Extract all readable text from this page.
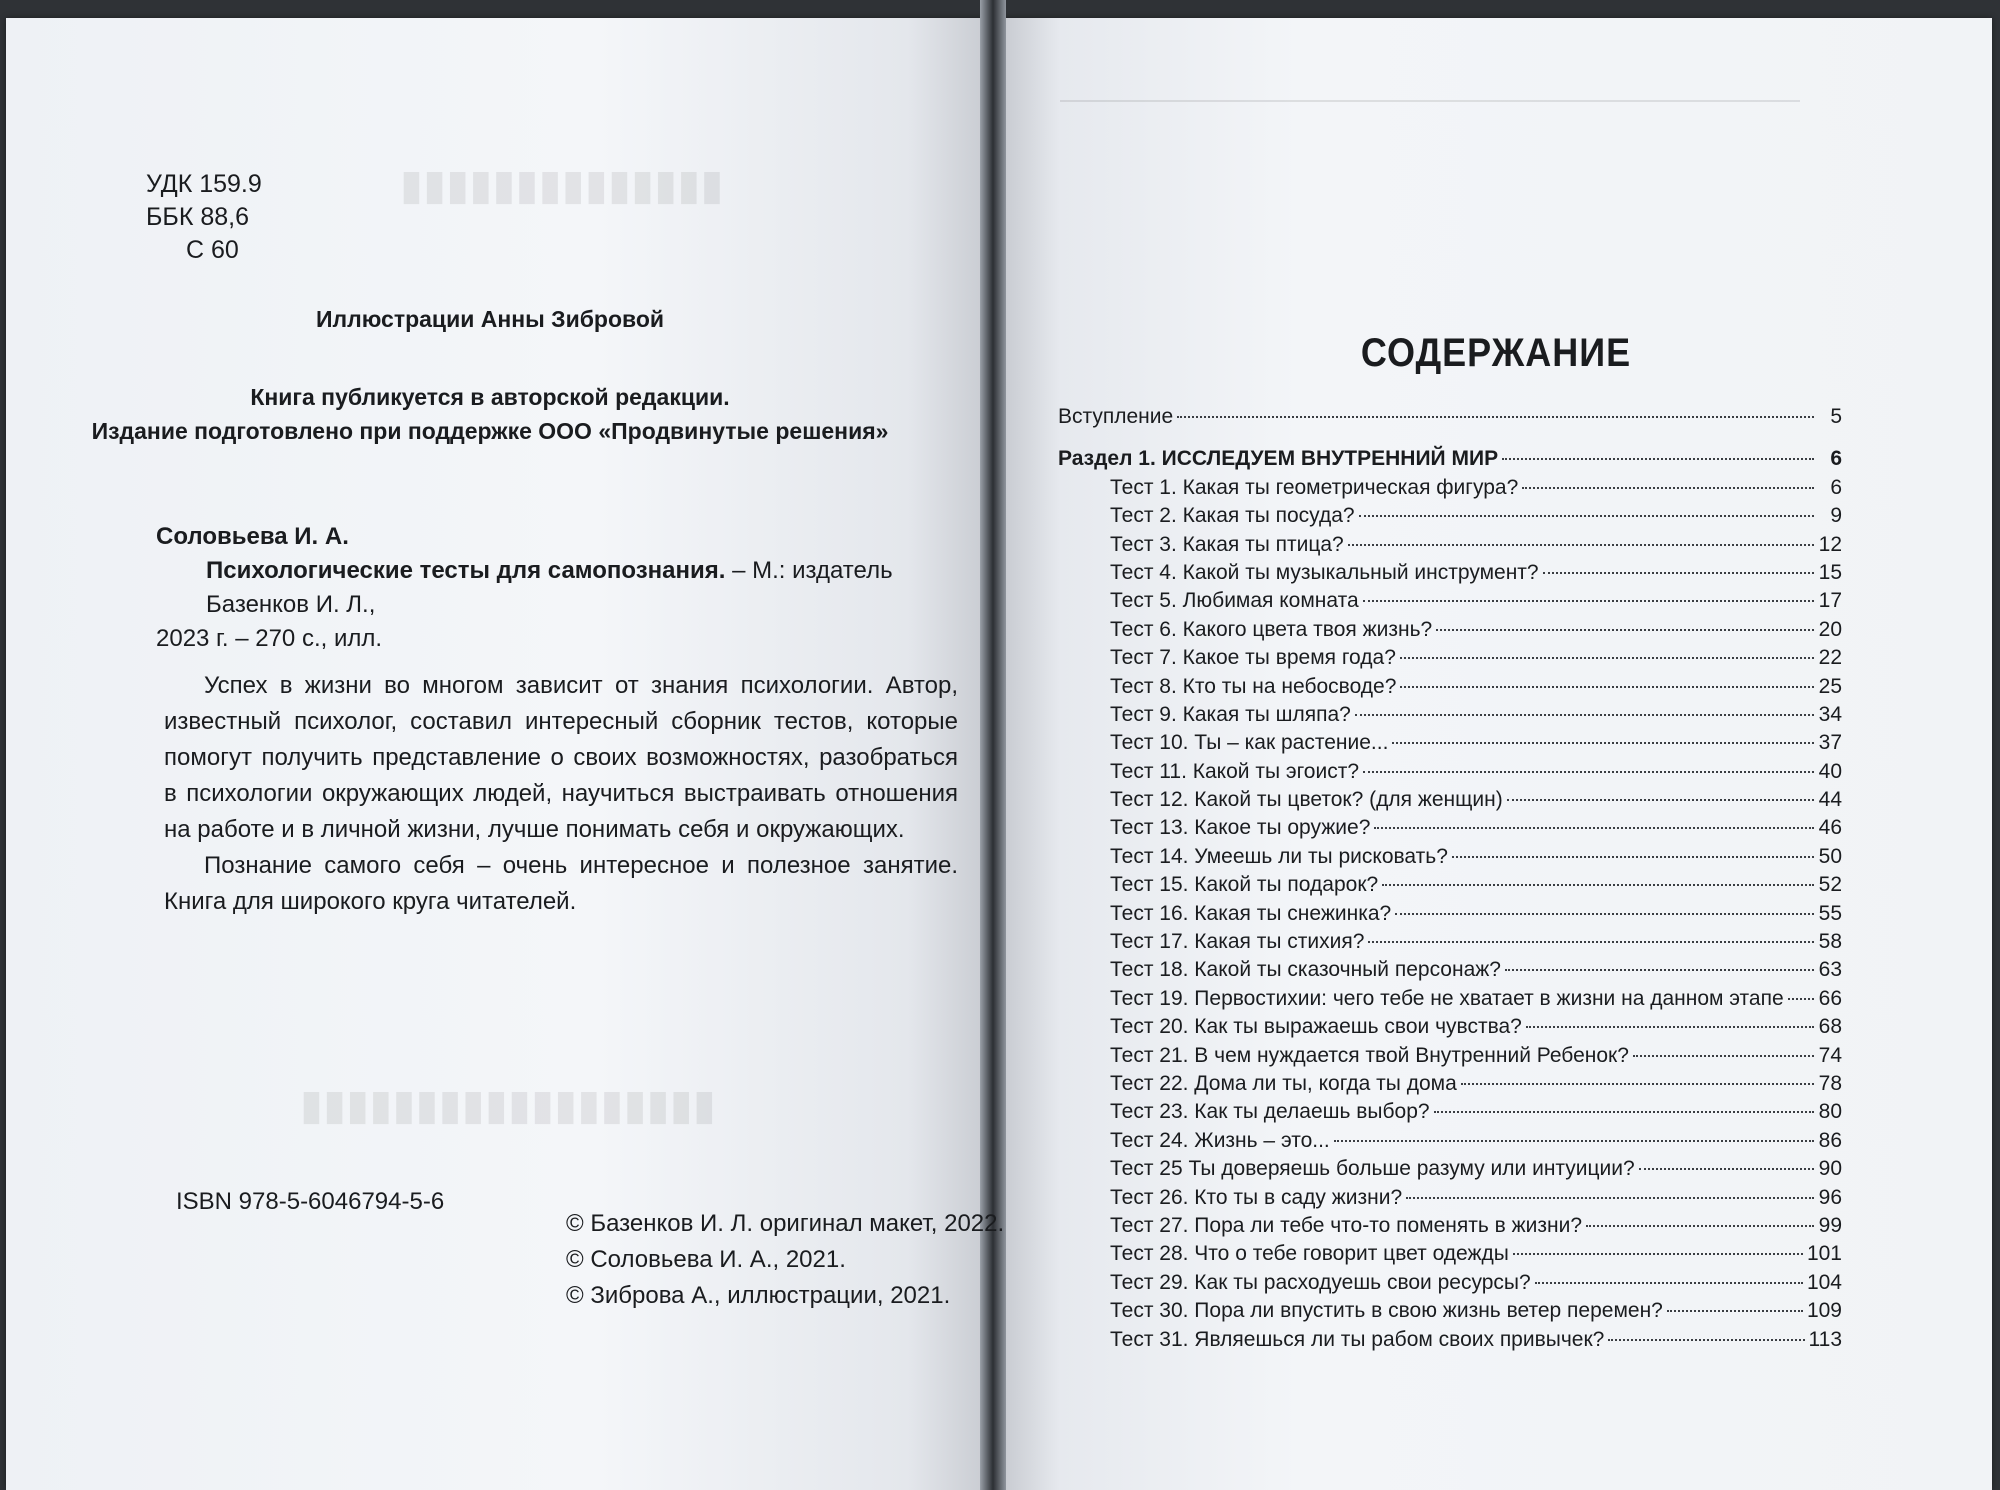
▮▮▮▮▮▮▮▮▮▮▮▮▮▮
▮▮▮▮▮▮▮▮▮▮▮▮▮▮▮▮▮▮
УДК 159.9
ББК 88,6
С 60
Иллюстрации Анны Зибровой
Книга публикуется в авторской редакции.
Издание подготовлено при поддержке ООО «Продвинутые решения»
Соловьева И. А.
Психологические тесты для самопознания. – М.: издатель Базенков И. Л.,
2023 г. – 270 с., илл.

Успех в жизни во многом зависит от знания психологии. Автор, известный психолог, составил интересный сборник тестов, которые помогут получить представление о своих возможностях, разобраться в психологии окружающих людей, научиться выстраивать отношения на работе и в личной жизни, лучше понимать себя и окружающих.

Познание самого себя – очень интересное и полезное занятие. Книга для широкого круга читателей.

ISBN 978-5-6046794-5-6
© Базенков И. Л. оригинал макет, 2022.
© Соловьева И. А., 2021.
© Зиброва А., иллюстрации, 2021.
СОДЕРЖАНИЕ
Вступление	5
Раздел 1. ИССЛЕДУЕМ ВНУТРЕННИЙ МИР	6
Тест 1. Какая ты геометрическая фигура?	6
Тест 2. Какая ты посуда?	9
Тест 3. Какая ты птица?	12
Тест 4. Какой ты музыкальный инструмент?	15
Тест 5. Любимая комната	17
Тест 6. Какого цвета твоя жизнь?	20
Тест 7. Какое ты время года?	22
Тест 8. Кто ты на небосводе?	25
Тест 9. Какая ты шляпа?	34
Тест 10. Ты – как растение...	37
Тест 11. Какой ты эгоист?	40
Тест 12. Какой ты цветок? (для женщин)	44
Тест 13. Какое ты оружие?	46
Тест 14. Умеешь ли ты рисковать?	50
Тест 15. Какой ты подарок?	52
Тест 16. Какая ты снежинка?	55
Тест 17. Какая ты стихия?	58
Тест 18. Какой ты сказочный персонаж?	63
Тест 19. Первостихии: чего тебе не хватает в жизни на данном этапе 66
Тест 20. Как ты выражаешь свои чувства?	68
Тест 21. В чем нуждается твой Внутренний Ребенок?	74
Тест 22. Дома ли ты, когда ты дома	78
Тест 23. Как ты делаешь выбор?	80
Тест 24. Жизнь – это...	86
Тест 25 Ты доверяешь больше разуму или интуиции?	90
Тест 26. Кто ты в саду жизни?	96
Тест 27. Пора ли тебе что-то поменять в жизни?	99
Тест 28. Что о тебе говорит цвет одежды	101
Тест 29. Как ты расходуешь свои ресурсы?	104
Тест 30. Пора ли впустить в свою жизнь ветер перемен?	109
Тест 31. Являешься ли ты рабом своих привычек?	113
